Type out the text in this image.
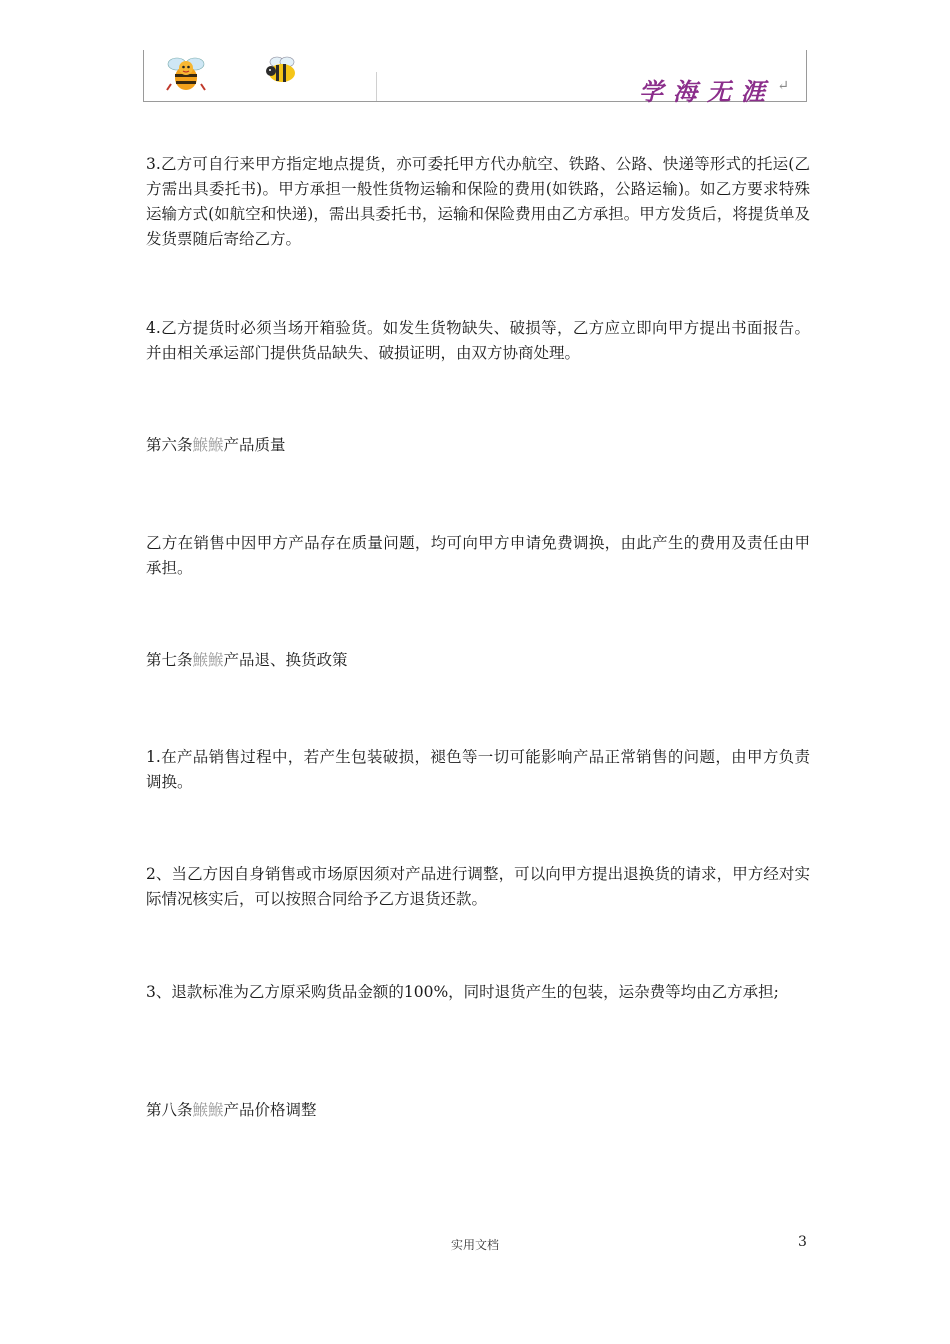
学海无涯 ↵

3.乙方可自行来甲方指定地点提货，亦可委托甲方代办航空、铁路、公路、快递等形式的托运(乙方需出具委托书)。甲方承担一般性货物运输和保险的费用(如铁路，公路运输)。如乙方要求特殊运输方式(如航空和快递)，需出具委托书，运输和保险费用由乙方承担。甲方发货后，将提货单及发货票随后寄给乙方。

4.乙方提货时必须当场开箱验货。如发生货物缺失、破损等，乙方应立即向甲方提出书面报告。并由相关承运部门提供货品缺失、破损证明，由双方协商处理。

第六条鯸鯸产品质量

乙方在销售中因甲方产品存在质量问题，均可向甲方申请免费调换，由此产生的费用及责任由甲承担。

第七条鯸鯸产品退、换货政策

1.在产品销售过程中，若产生包装破损，褪色等一切可能影响产品正常销售的问题，由甲方负责调换。

2、当乙方因自身销售或市场原因须对产品进行调整，可以向甲方提出退换货的请求，甲方经对实际情况核实后，可以按照合同给予乙方退货还款。

3、退款标准为乙方原采购货品金额的100%，同时退货产生的包装，运杂费等均由乙方承担;

第八条鯸鯸产品价格调整

实用文档	3
